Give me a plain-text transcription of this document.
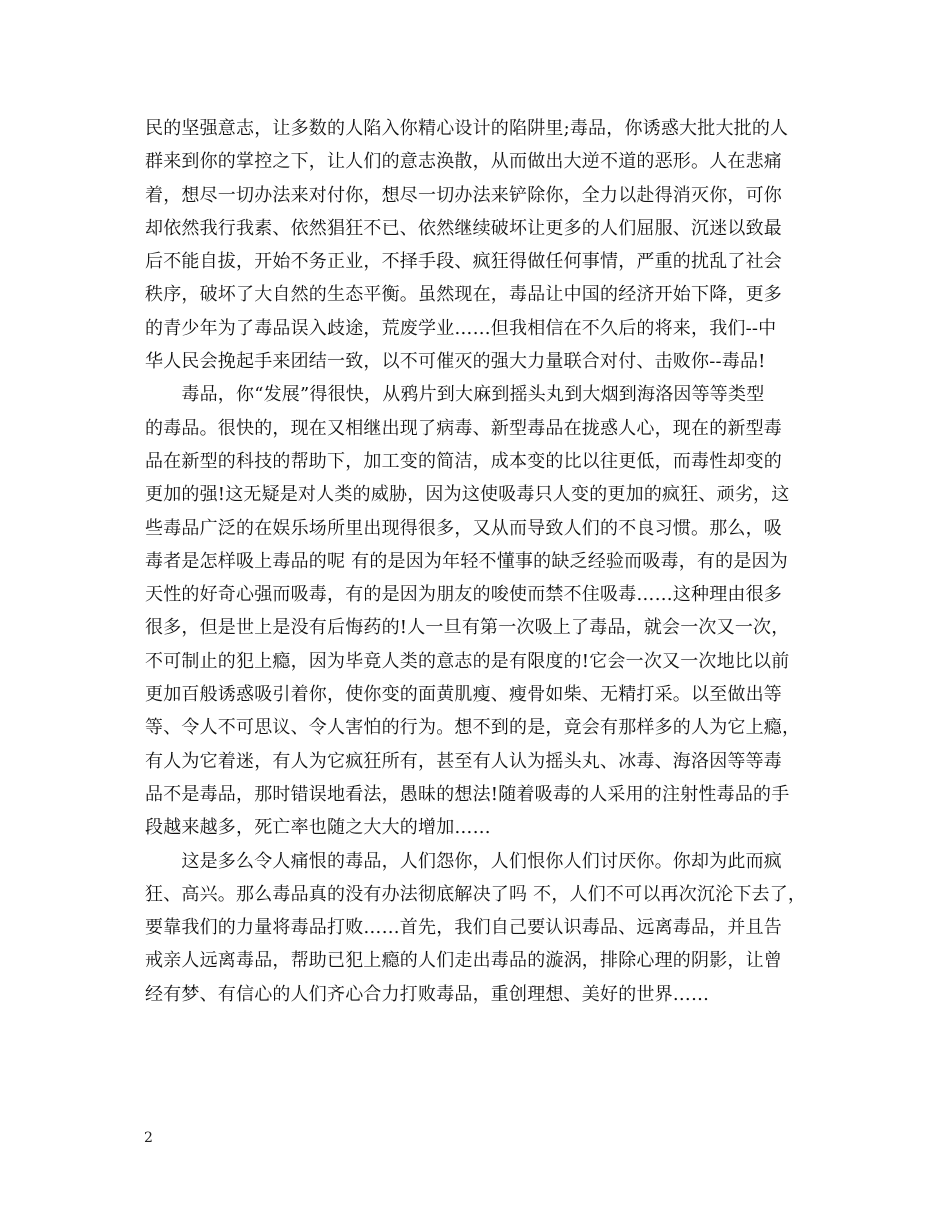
民的坚强意志，让多数的人陷入你精心设计的陷阱里;毒品，你诱惑大批大批的人
群来到你的掌控之下，让人们的意志涣散，从而做出大逆不道的恶形。人在悲痛
着，想尽一切办法来对付你，想尽一切办法来铲除你，全力以赴得消灭你，可你
却依然我行我素、依然猖狂不已、依然继续破坏让更多的人们屈服、沉迷以致最
后不能自拔，开始不务正业，不择手段、疯狂得做任何事情，严重的扰乱了社会
秩序，破坏了大自然的生态平衡。虽然现在，毒品让中国的经济开始下降，更多
的青少年为了毒品误入歧途，荒废学业……但我相信在不久后的将来，我们--中
华人民会挽起手来团结一致，以不可催灭的强大力量联合对付、击败你--毒品!
　　毒品，你“发展”得很快，从鸦片到大麻到摇头丸到大烟到海洛因等等类型
的毒品。很快的，现在又相继出现了病毒、新型毒品在拢惑人心，现在的新型毒
品在新型的科技的帮助下，加工变的简洁，成本变的比以往更低，而毒性却变的
更加的强!这无疑是对人类的威胁，因为这使吸毒只人变的更加的疯狂、顽劣，这
些毒品广泛的在娱乐场所里出现得很多，又从而导致人们的不良习惯。那么，吸
毒者是怎样吸上毒品的呢 有的是因为年轻不懂事的缺乏经验而吸毒，有的是因为
天性的好奇心强而吸毒，有的是因为朋友的唆使而禁不住吸毒……这种理由很多
很多，但是世上是没有后悔药的!人一旦有第一次吸上了毒品，就会一次又一次，
不可制止的犯上瘾，因为毕竟人类的意志的是有限度的!它会一次又一次地比以前
更加百般诱惑吸引着你，使你变的面黄肌瘦、瘦骨如柴、无精打采。以至做出等
等、令人不可思议、令人害怕的行为。想不到的是，竟会有那样多的人为它上瘾，
有人为它着迷，有人为它疯狂所有，甚至有人认为摇头丸、冰毒、海洛因等等毒
品不是毒品，那时错误地看法，愚昧的想法!随着吸毒的人采用的注射性毒品的手
段越来越多，死亡率也随之大大的增加……
　　这是多么令人痛恨的毒品，人们怨你，人们恨你人们讨厌你。你却为此而疯
狂、高兴。那么毒品真的没有办法彻底解决了吗 不，人们不可以再次沉沦下去了，
要靠我们的力量将毒品打败……首先，我们自己要认识毒品、远离毒品，并且告
戒亲人远离毒品，帮助已犯上瘾的人们走出毒品的漩涡，排除心理的阴影，让曾
经有梦、有信心的人们齐心合力打败毒品，重创理想、美好的世界……
2
